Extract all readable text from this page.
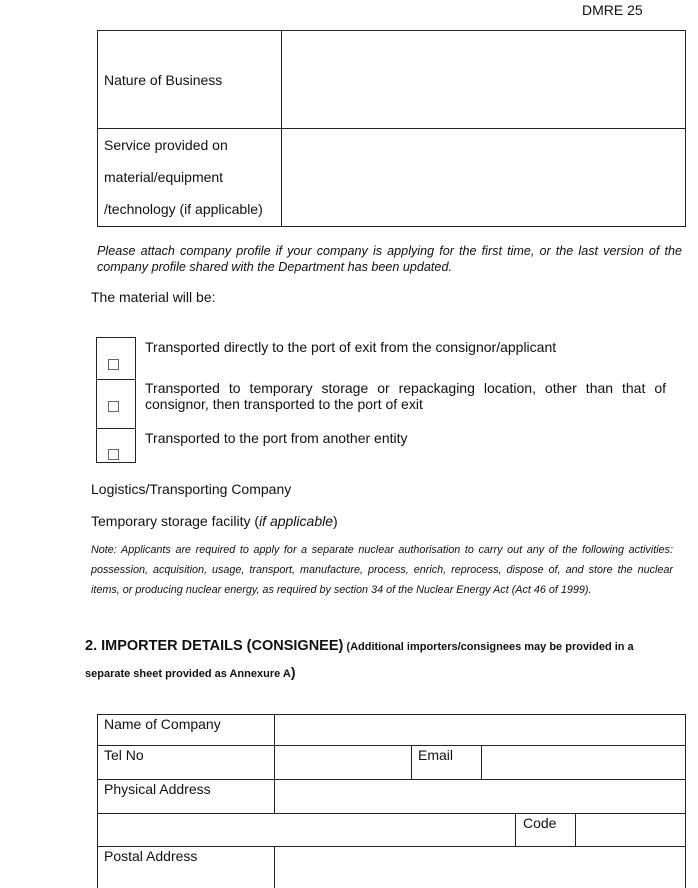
DMRE 25
Nature of Business	

Service provided on
material/equipment
/technology (if applicable)	

Please attach company profile if your company is applying for the first time, or the last version of the company profile shared with the Department has been updated.
The material will be:
Transported directly to the port of exit from the consignor/applicant
Transported to temporary storage or repackaging location, other than that of consignor, then transported to the port of exit
Transported to the port from another entity
Logistics/Transporting Company
Temporary storage facility (if applicable)
Note: Applicants are required to apply for a separate nuclear authorisation to carry out any of the following activities: possession, acquisition, usage, transport, manufacture, process, enrich, reprocess, dispose of, and store the nuclear items, or producing nuclear energy, as required by section 34 of the Nuclear Energy Act (Act 46 of 1999).
2. IMPORTER DETAILS (CONSIGNEE) (Additional importers/consignees may be provided in a
separate sheet provided as Annexure A)
Name of Company
Tel No	Email
Physical Address
Code
Postal Address
